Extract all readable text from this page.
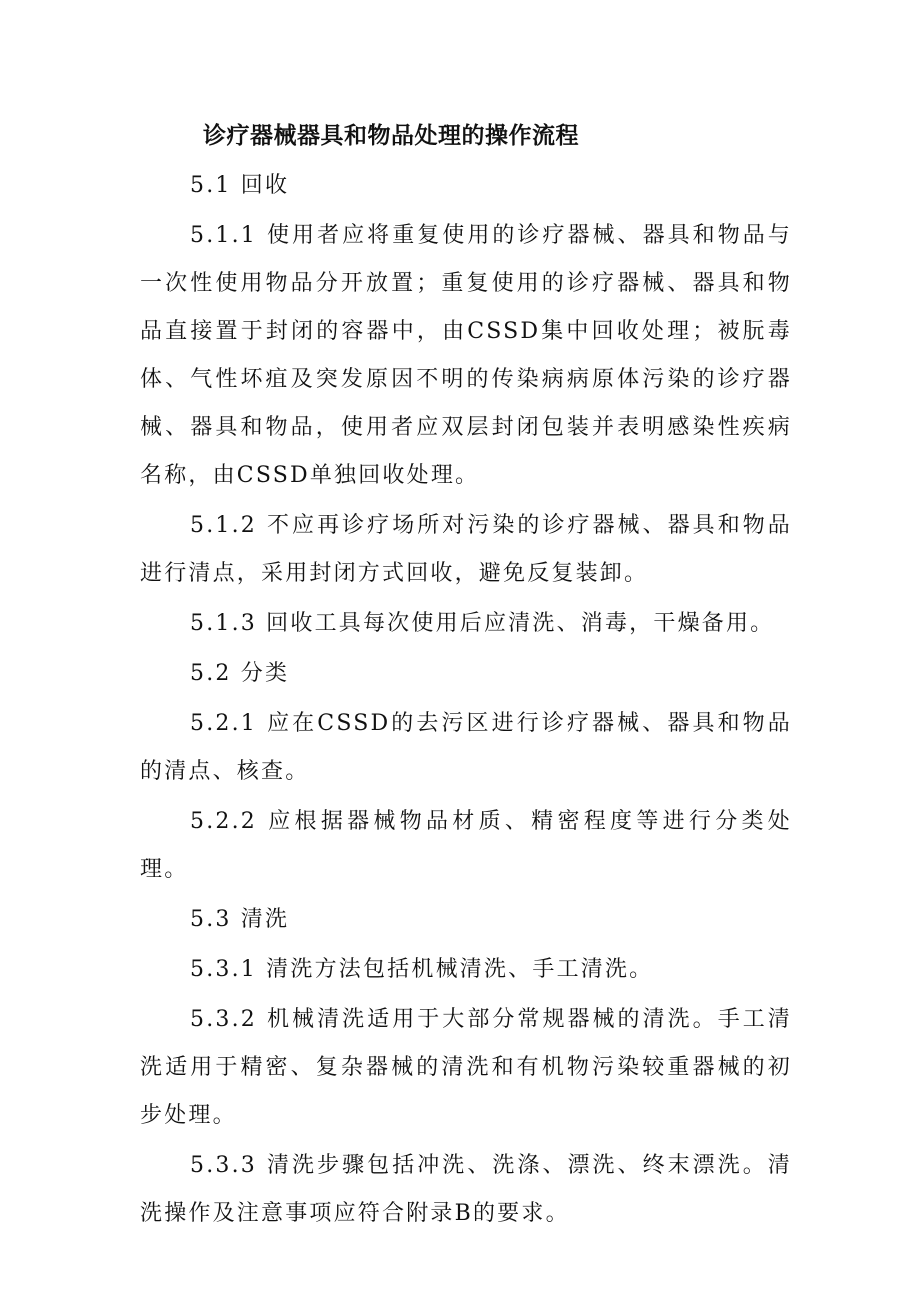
诊疗器械器具和物品处理的操作流程

5.1 回收

5.1.1 使用者应将重复使用的诊疗器械、器具和物品与一次性使用物品分开放置；重复使用的诊疗器械、器具和物品直接置于封闭的容器中，由CSSD集中回收处理；被朊毒体、气性坏疽及突发原因不明的传染病病原体污染的诊疗器械、器具和物品，使用者应双层封闭包装并表明感染性疾病名称，由CSSD单独回收处理。

5.1.2 不应再诊疗场所对污染的诊疗器械、器具和物品进行清点，采用封闭方式回收，避免反复装卸。

5.1.3 回收工具每次使用后应清洗、消毒，干燥备用。

5.2 分类

5.2.1 应在CSSD的去污区进行诊疗器械、器具和物品的清点、核查。

5.2.2 应根据器械物品材质、精密程度等进行分类处理。

5.3 清洗

5.3.1 清洗方法包括机械清洗、手工清洗。

5.3.2 机械清洗适用于大部分常规器械的清洗。手工清洗适用于精密、复杂器械的清洗和有机物污染较重器械的初步处理。

5.3.3 清洗步骤包括冲洗、洗涤、漂洗、终末漂洗。清洗操作及注意事项应符合附录B的要求。
